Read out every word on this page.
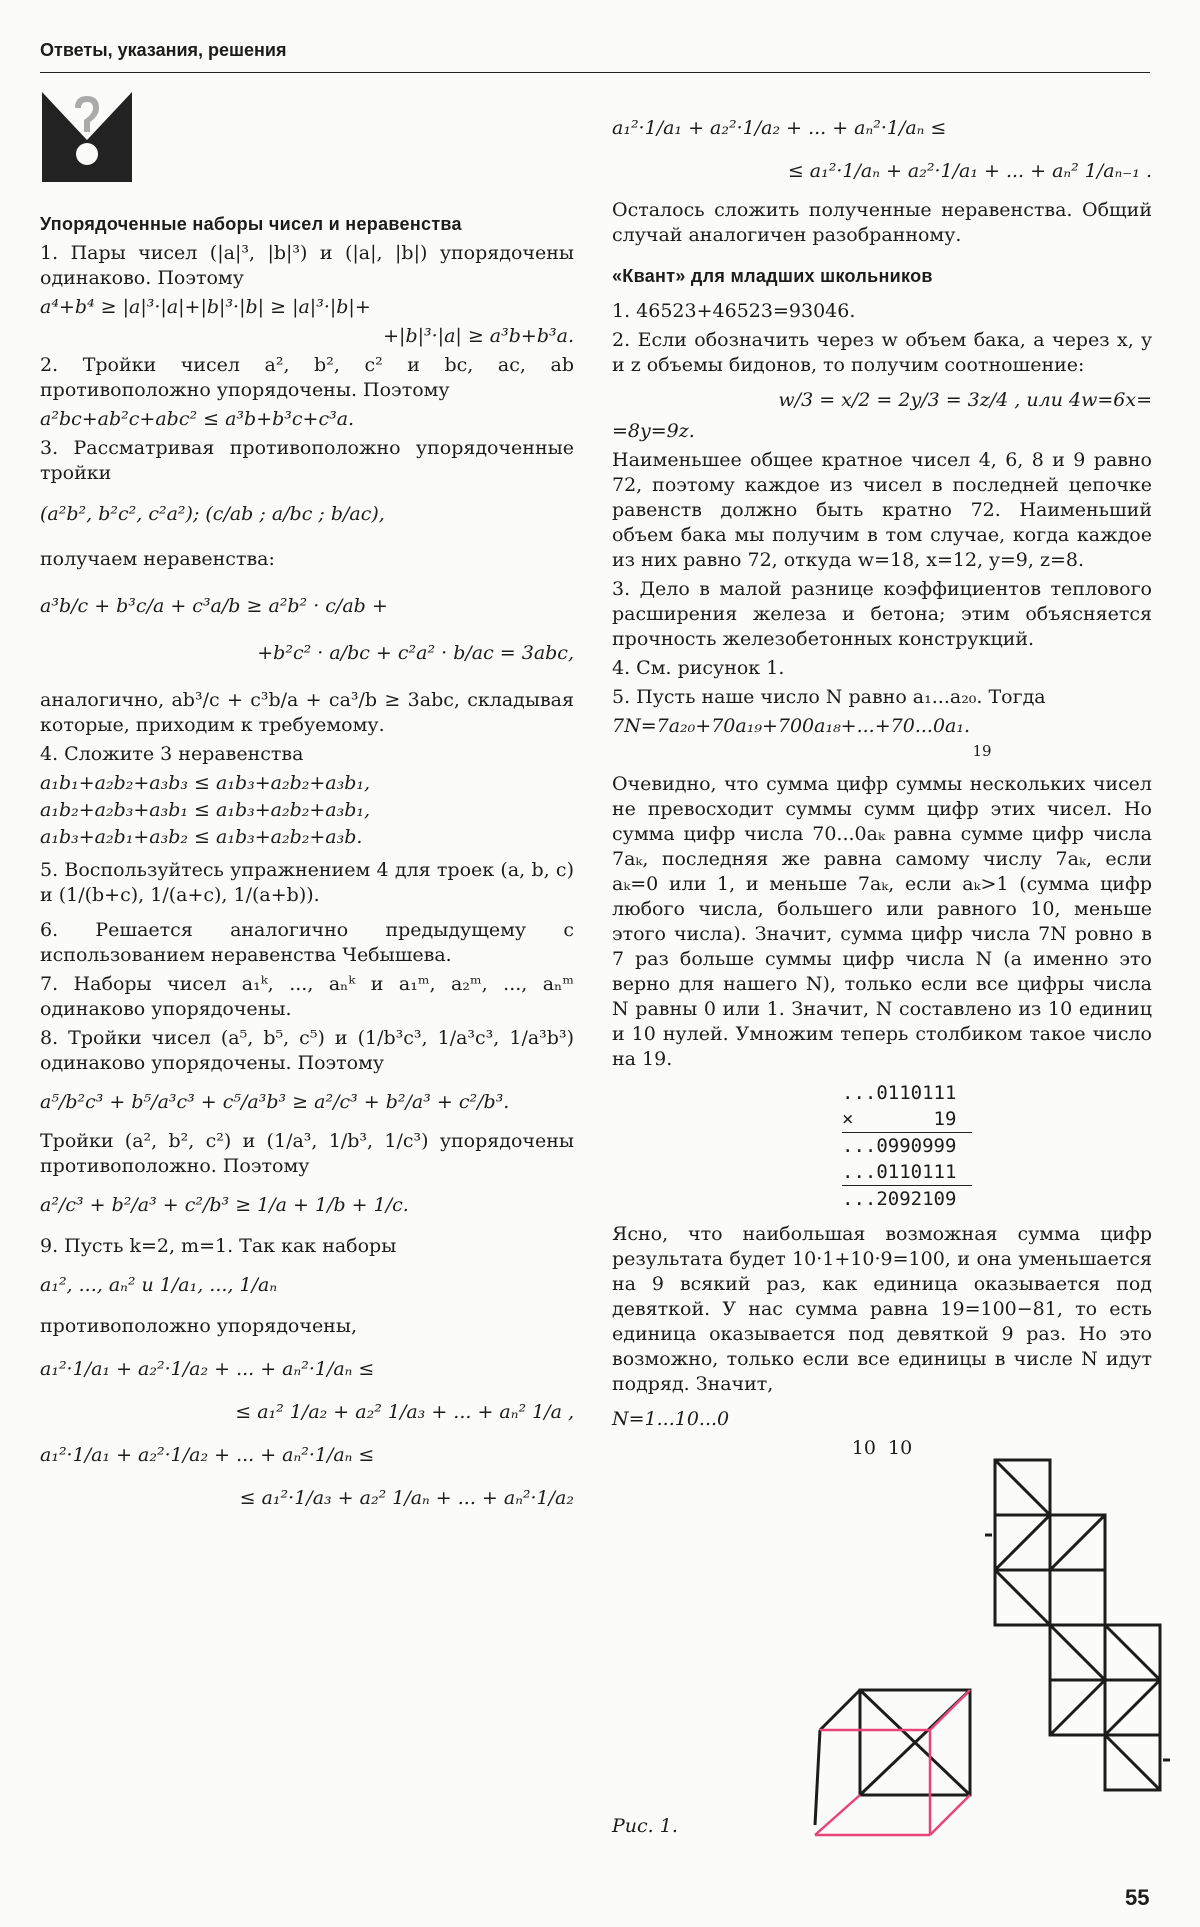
Ответы, указания, решения

Упорядоченные наборы чисел и неравенства

1. Пары чисел (|a|³, |b|³) и (|a|, |b|) упорядочены одинаково. Поэтому

a⁴+b⁴ ≥ |a|³·|a|+|b|³·|b| ≥ |a|³·|b|+

+|b|³·|a| ≥ a³b+b³a.

2. Тройки чисел a², b², c² и bc, ac, ab противоположно упорядочены. Поэтому

a²bc+ab²c+abc² ≤ a³b+b³c+c³a.

3. Рассматривая противоположно упорядоченные тройки

(a²b², b²c², c²a²); (c/ab ; a/bc ; b/ac),

получаем неравенства:

a³b/c + b³c/a + c³a/b ≥ a²b² · c/ab +

+b²c² · a/bc + c²a² · b/ac = 3abc,

аналогично, ab³/c + c³b/a + ca³/b ≥ 3abc, складывая которые, приходим к требуемому.

4. Сложите 3 неравенства

a₁b₁+a₂b₂+a₃b₃ ≤ a₁b₃+a₂b₂+a₃b₁,

a₁b₂+a₂b₃+a₃b₁ ≤ a₁b₃+a₂b₂+a₃b₁,

a₁b₃+a₂b₁+a₃b₂ ≤ a₁b₃+a₂b₂+a₃b.

5. Воспользуйтесь упражнением 4 для троек (a, b, c) и (1/(b+c), 1/(a+c), 1/(a+b)).

6. Решается аналогично предыдущему с использованием неравенства Чебышева.

7. Наборы чисел a₁ᵏ, ..., aₙᵏ и a₁ᵐ, a₂ᵐ, ..., aₙᵐ одинаково упорядочены.

8. Тройки чисел (a⁵, b⁵, c⁵) и (1/b³c³, 1/a³c³, 1/a³b³) одинаково упорядочены. Поэтому

a⁵/b²c³ + b⁵/a³c³ + c⁵/a³b³ ≥ a²/c³ + b²/a³ + c²/b³.

Тройки (a², b², c²) и (1/a³, 1/b³, 1/c³) упорядочены противоположно. Поэтому

a²/c³ + b²/a³ + c²/b³ ≥ 1/a + 1/b + 1/c.

9. Пусть k=2, m=1. Так как наборы

a₁², ..., aₙ² и 1/a₁, ..., 1/aₙ

противоположно упорядочены,

a₁²·1/a₁ + a₂²·1/a₂ + ... + aₙ²·1/aₙ ≤

≤ a₁² 1/a₂ + a₂² 1/a₃ + ... + aₙ² 1/a ,

a₁²·1/a₁ + a₂²·1/a₂ + ... + aₙ²·1/aₙ ≤

≤ a₁²·1/a₃ + a₂² 1/aₙ + ... + aₙ²·1/a₂

a₁²·1/a₁ + a₂²·1/a₂ + ... + aₙ²·1/aₙ ≤

≤ a₁²·1/aₙ + a₂²·1/a₁ + ... + aₙ² 1/aₙ₋₁ .

Осталось сложить полученные неравенства. Общий случай аналогичен разобранному.

«Квант» для младших школьников

1. 46523+46523=93046.

2. Если обозначить через w объем бака, а через x, y и z объемы бидонов, то получим соотношение:

w/3 = x/2 = 2y/3 = 3z/4 , или 4w=6x=

=8y=9z.

Наименьшее общее кратное чисел 4, 6, 8 и 9 равно 72, поэтому каждое из чисел в последней цепочке равенств должно быть кратно 72. Наименьший объем бака мы получим в том случае, когда каждое из них равно 72, откуда w=18, x=12, y=9, z=8.

3. Дело в малой разнице коэффициентов теплового расширения железа и бетона; этим объясняется прочность железобетонных конструкций.

4. См. рисунок 1.

5. Пусть наше число N равно a₁...a₂₀. Тогда

7N=7a₂₀+70a₁₉+700a₁₈+...+70...0a₁.

19

Очевидно, что сумма цифр суммы нескольких чисел не превосходит суммы сумм цифр этих чисел. Но сумма цифр числа 70...0aₖ равна сумме цифр числа 7aₖ, последняя же равна самому числу 7aₖ, если aₖ=0 или 1, и меньше 7aₖ, если aₖ>1 (сумма цифр любого числа, большего или равного 10, меньше этого числа). Значит, сумма цифр числа 7N ровно в 7 раз больше суммы цифр числа N (а именно это верно для нашего N), только если все цифры числа N равны 0 или 1. Значит, N составлено из 10 единиц и 10 нулей. Умножим теперь столбиком такое число на 19.

...0110111
×       19
...0990999
...0110111
...2092109

Ясно, что наибольшая возможная сумма цифр результата будет 10·1+10·9=100, и она уменьшается на 9 всякий раз, как единица оказывается под девяткой. У нас сумма равна 19=100−81, то есть единица оказывается под девяткой 9 раз. Но это возможно, только если все единицы в числе N идут подряд. Значит,

N=1...10...0

10  10

Рис. 1.
55
